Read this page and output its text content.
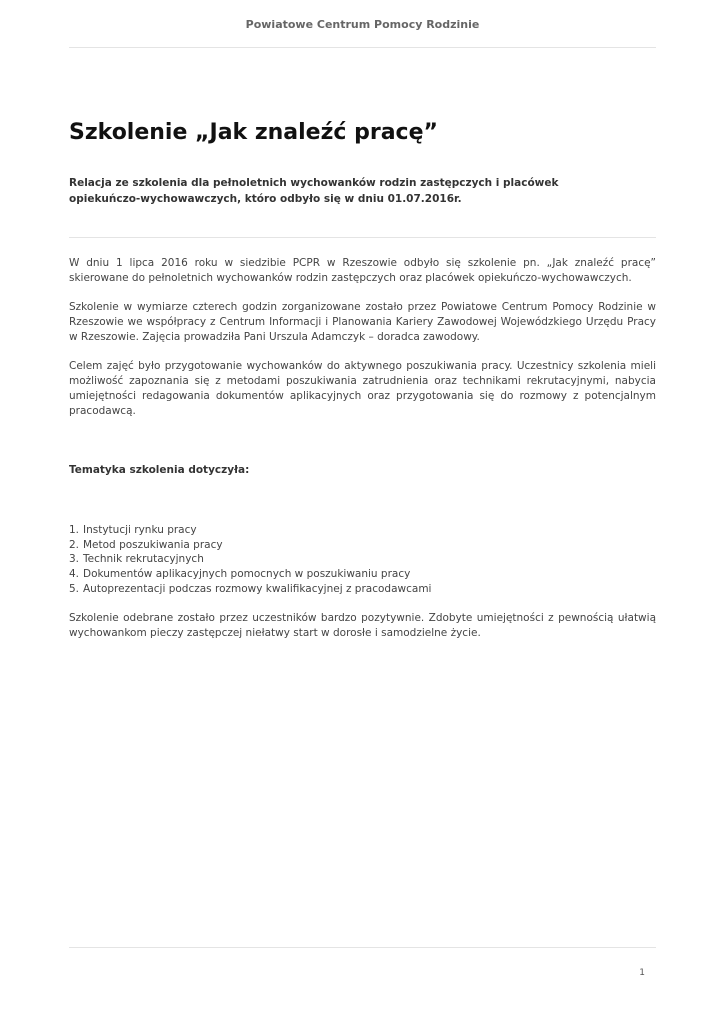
Powiatowe Centrum Pomocy Rodzinie
Szkolenie „Jak znaleźć pracę”

Relacja ze szkolenia dla pełnoletnich wychowanków rodzin zastępczych i placówek opiekuńczo-wychowawczych, któro odbyło się w dniu 01.07.2016r.

W dniu 1 lipca 2016 roku w siedzibie PCPR w Rzeszowie odbyło się szkolenie pn. „Jak znaleźć pracę” skierowane do pełnoletnich wychowanków rodzin zastępczych oraz placówek opiekuńczo-wychowawczych.

Szkolenie w wymiarze czterech godzin zorganizowane zostało przez Powiatowe Centrum Pomocy Rodzinie w Rzeszowie we współpracy z Centrum Informacji i Planowania Kariery Zawodowej Wojewódzkiego Urzędu Pracy w Rzeszowie. Zajęcia prowadziła Pani Urszula Adamczyk – doradca zawodowy.

Celem zajęć było przygotowanie wychowanków do aktywnego poszukiwania pracy. Uczestnicy szkolenia mieli możliwość zapoznania się z metodami poszukiwania zatrudnienia oraz technikami rekrutacyjnymi, nabycia umiejętności redagowania dokumentów aplikacyjnych oraz przygotowania się do rozmowy z potencjalnym pracodawcą.

Tematyka szkolenia dotyczyła:

1. Instytucji rynku pracy
2. Metod poszukiwania pracy
3. Technik rekrutacyjnych
4. Dokumentów aplikacyjnych pomocnych w poszukiwaniu pracy
5. Autoprezentacji podczas rozmowy kwalifikacyjnej z pracodawcami

Szkolenie odebrane zostało przez uczestników bardzo pozytywnie. Zdobyte umiejętności z pewnością ułatwią wychowankom pieczy zastępczej niełatwy start w dorosłe i samodzielne życie.

1
